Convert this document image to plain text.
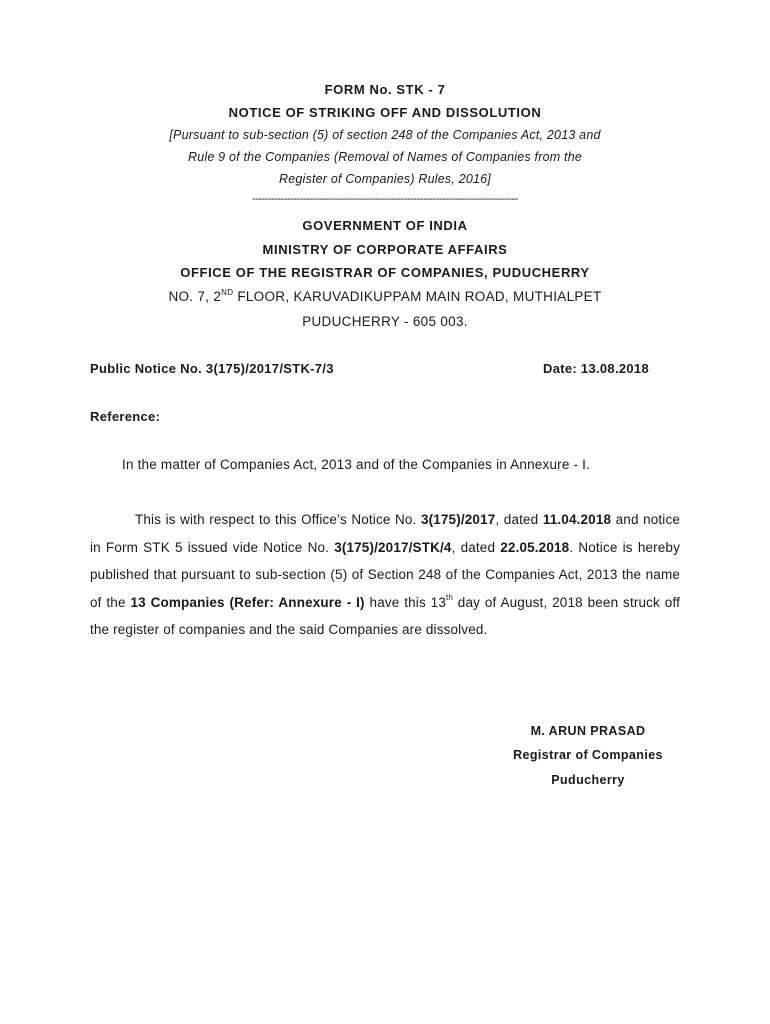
FORM No. STK - 7
NOTICE OF STRIKING OFF AND DISSOLUTION
[Pursuant to sub-section (5) of section 248 of the Companies Act, 2013 and
Rule 9 of the Companies (Removal of Names of Companies from the
Register of Companies) Rules, 2016]
------------------------------------------------------------------------------------
GOVERNMENT OF INDIA
MINISTRY OF CORPORATE AFFAIRS
OFFICE OF THE REGISTRAR OF COMPANIES, PUDUCHERRY
NO. 7, 2ND FLOOR, KARUVADIKUPPAM MAIN ROAD, MUTHIALPET
PUDUCHERRY - 605 003.
Public Notice No. 3(175)/2017/STK-7/3	Date: 13.08.2018
Reference:
In the matter of Companies Act, 2013 and of the Companies in Annexure - I.
This is with respect to this Office’s Notice No. 3(175)/2017, dated 11.04.2018 and notice in Form STK 5 issued vide Notice No. 3(175)/2017/STK/4, dated 22.05.2018. Notice is hereby published that pursuant to sub-section (5) of Section 248 of the Companies Act, 2013 the name of the 13 Companies (Refer: Annexure - I) have this 13th day of August, 2018 been struck off the register of companies and the said Companies are dissolved.
M. ARUN PRASAD
Registrar of Companies
Puducherry
